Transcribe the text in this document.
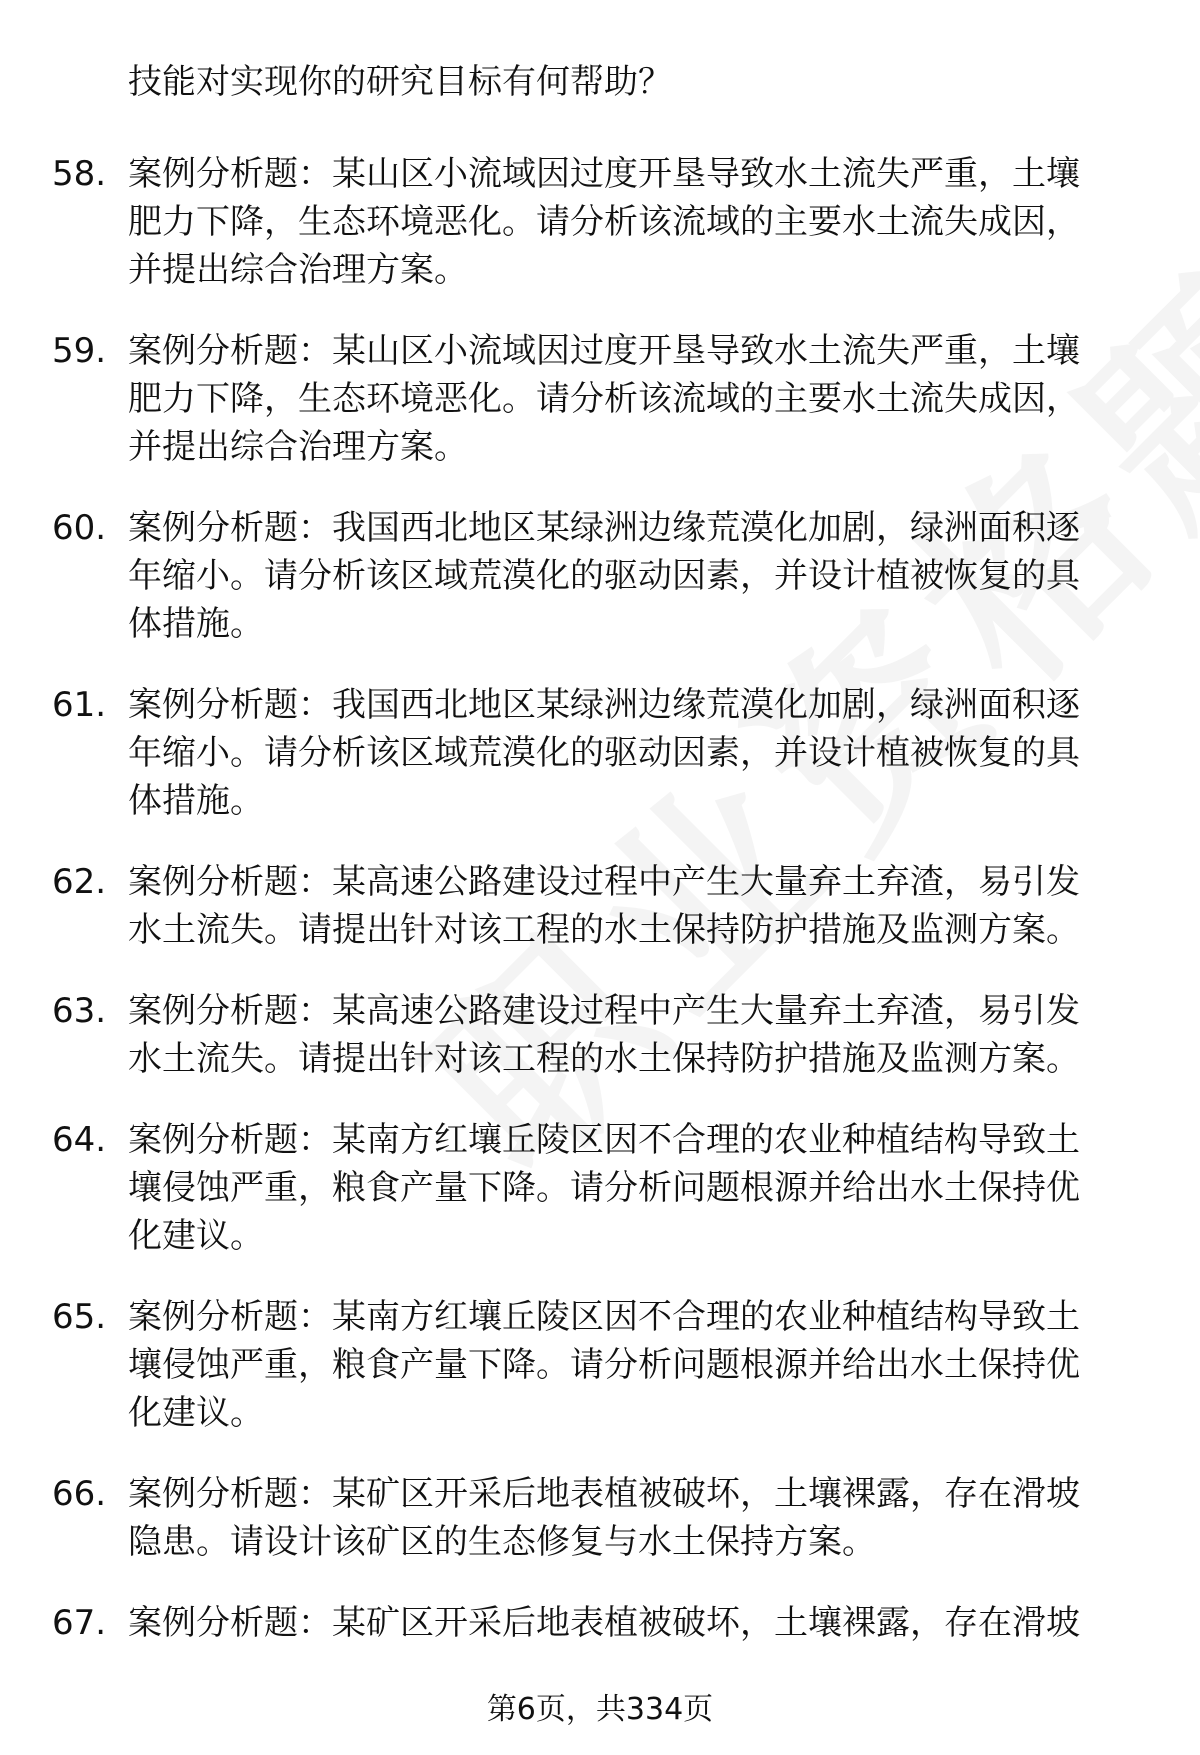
技能对实现你的研究目标有何帮助？
58. 案例分析题：某山区小流域因过度开垦导致水土流失严重，土壤
肥力下降，生态环境恶化。请分析该流域的主要水土流失成因，
并提出综合治理方案。
59. 案例分析题：某山区小流域因过度开垦导致水土流失严重，土壤
肥力下降，生态环境恶化。请分析该流域的主要水土流失成因，
并提出综合治理方案。
60. 案例分析题：我国西北地区某绿洲边缘荒漠化加剧，绿洲面积逐
年缩小。请分析该区域荒漠化的驱动因素，并设计植被恢复的具
体措施。
61. 案例分析题：我国西北地区某绿洲边缘荒漠化加剧，绿洲面积逐
年缩小。请分析该区域荒漠化的驱动因素，并设计植被恢复的具
体措施。
62. 案例分析题：某高速公路建设过程中产生大量弃土弃渣，易引发
水土流失。请提出针对该工程的水土保持防护措施及监测方案。
63. 案例分析题：某高速公路建设过程中产生大量弃土弃渣，易引发
水土流失。请提出针对该工程的水土保持防护措施及监测方案。
64. 案例分析题：某南方红壤丘陵区因不合理的农业种植结构导致土
壤侵蚀严重，粮食产量下降。请分析问题根源并给出水土保持优
化建议。
65. 案例分析题：某南方红壤丘陵区因不合理的农业种植结构导致土
壤侵蚀严重，粮食产量下降。请分析问题根源并给出水土保持优
化建议。
66. 案例分析题：某矿区开采后地表植被破坏，土壤裸露，存在滑坡
隐患。请设计该矿区的生态修复与水土保持方案。
67. 案例分析题：某矿区开采后地表植被破坏，土壤裸露，存在滑坡
第6页，共334页
